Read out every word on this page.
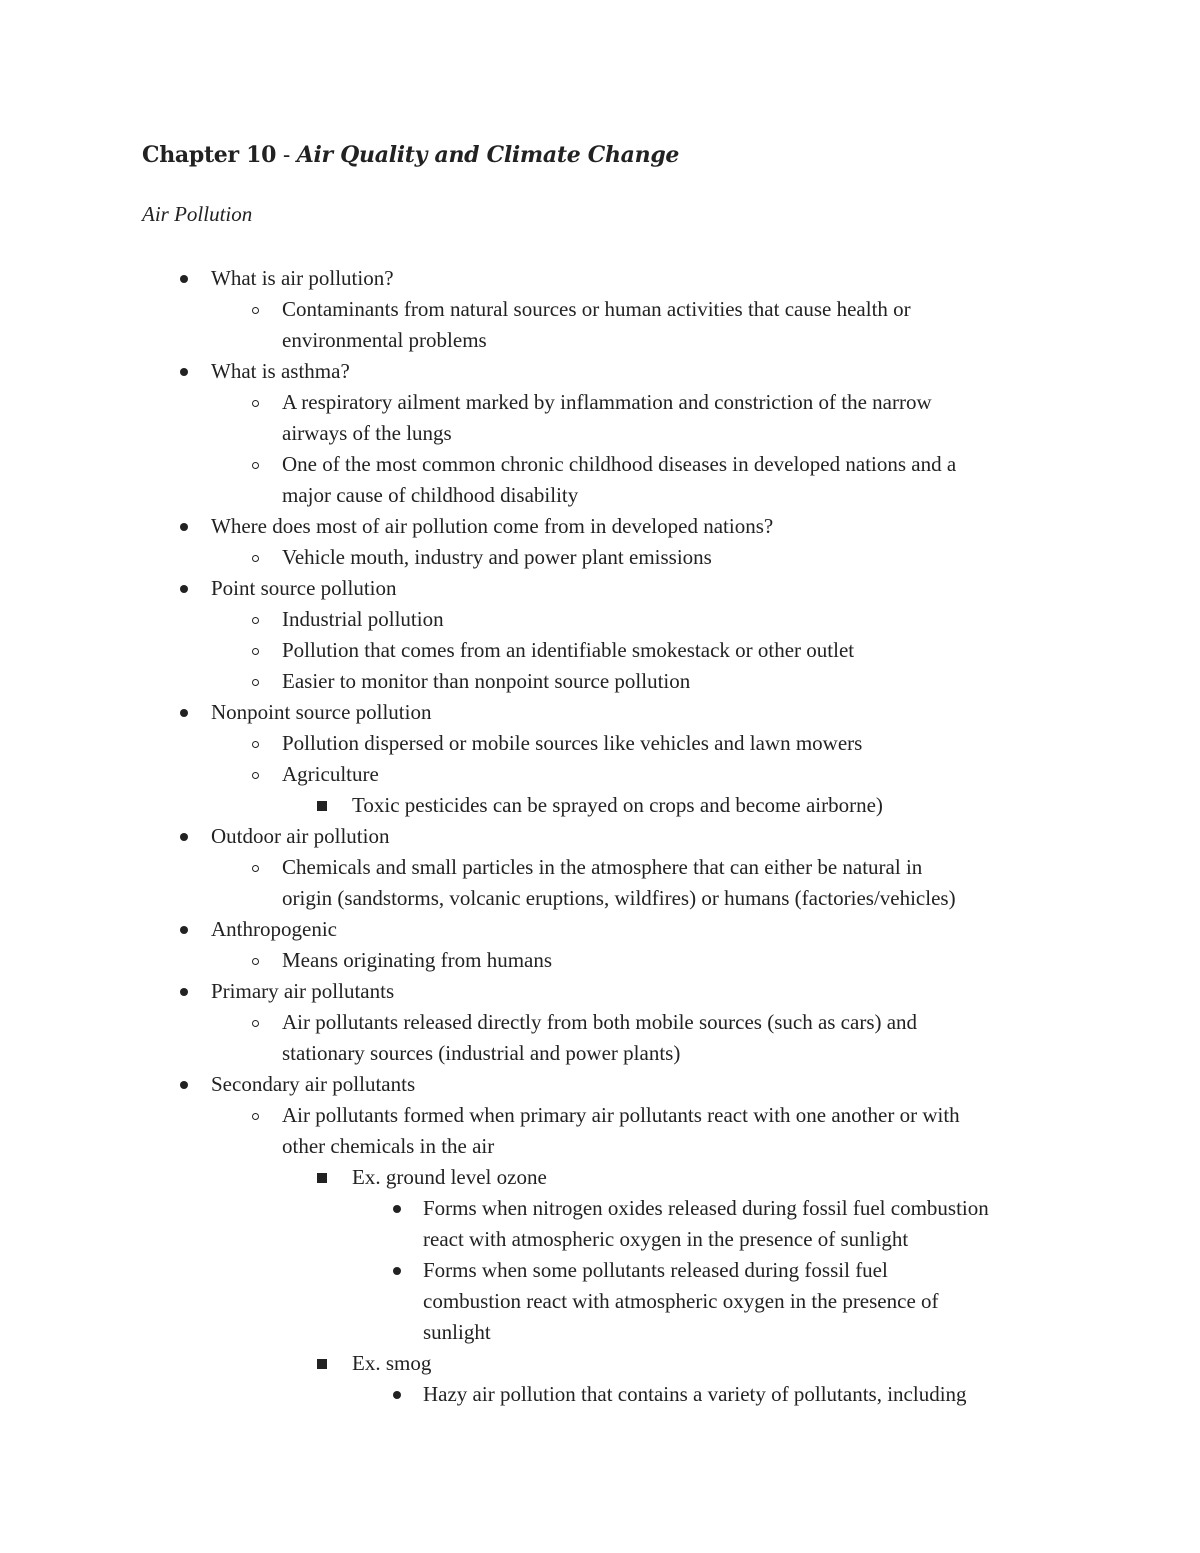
Chapter 10 - Air Quality and Climate Change
Air Pollution
What is air pollution?
Contaminants from natural sources or human activities that cause health or
environmental problems
What is asthma?
A respiratory ailment marked by inflammation and constriction of the narrow
airways of the lungs
One of the most common chronic childhood diseases in developed nations and a
major cause of childhood disability
Where does most of air pollution come from in developed nations?
Vehicle mouth, industry and power plant emissions
Point source pollution
Industrial pollution
Pollution that comes from an identifiable smokestack or other outlet
Easier to monitor than nonpoint source pollution
Nonpoint source pollution
Pollution dispersed or mobile sources like vehicles and lawn mowers
Agriculture
Toxic pesticides can be sprayed on crops and become airborne)
Outdoor air pollution
Chemicals and small particles in the atmosphere that can either be natural in
origin (sandstorms, volcanic eruptions, wildfires) or humans (factories/vehicles)
Anthropogenic
Means originating from humans
Primary air pollutants
Air pollutants released directly from both mobile sources (such as cars) and
stationary sources (industrial and power plants)
Secondary air pollutants
Air pollutants formed when primary air pollutants react with one another or with
other chemicals in the air
Ex. ground level ozone
Forms when nitrogen oxides released during fossil fuel combustion
react with atmospheric oxygen in the presence of sunlight
Forms when some pollutants released during fossil fuel
combustion react with atmospheric oxygen in the presence of
sunlight
Ex. smog
Hazy air pollution that contains a variety of pollutants, including
